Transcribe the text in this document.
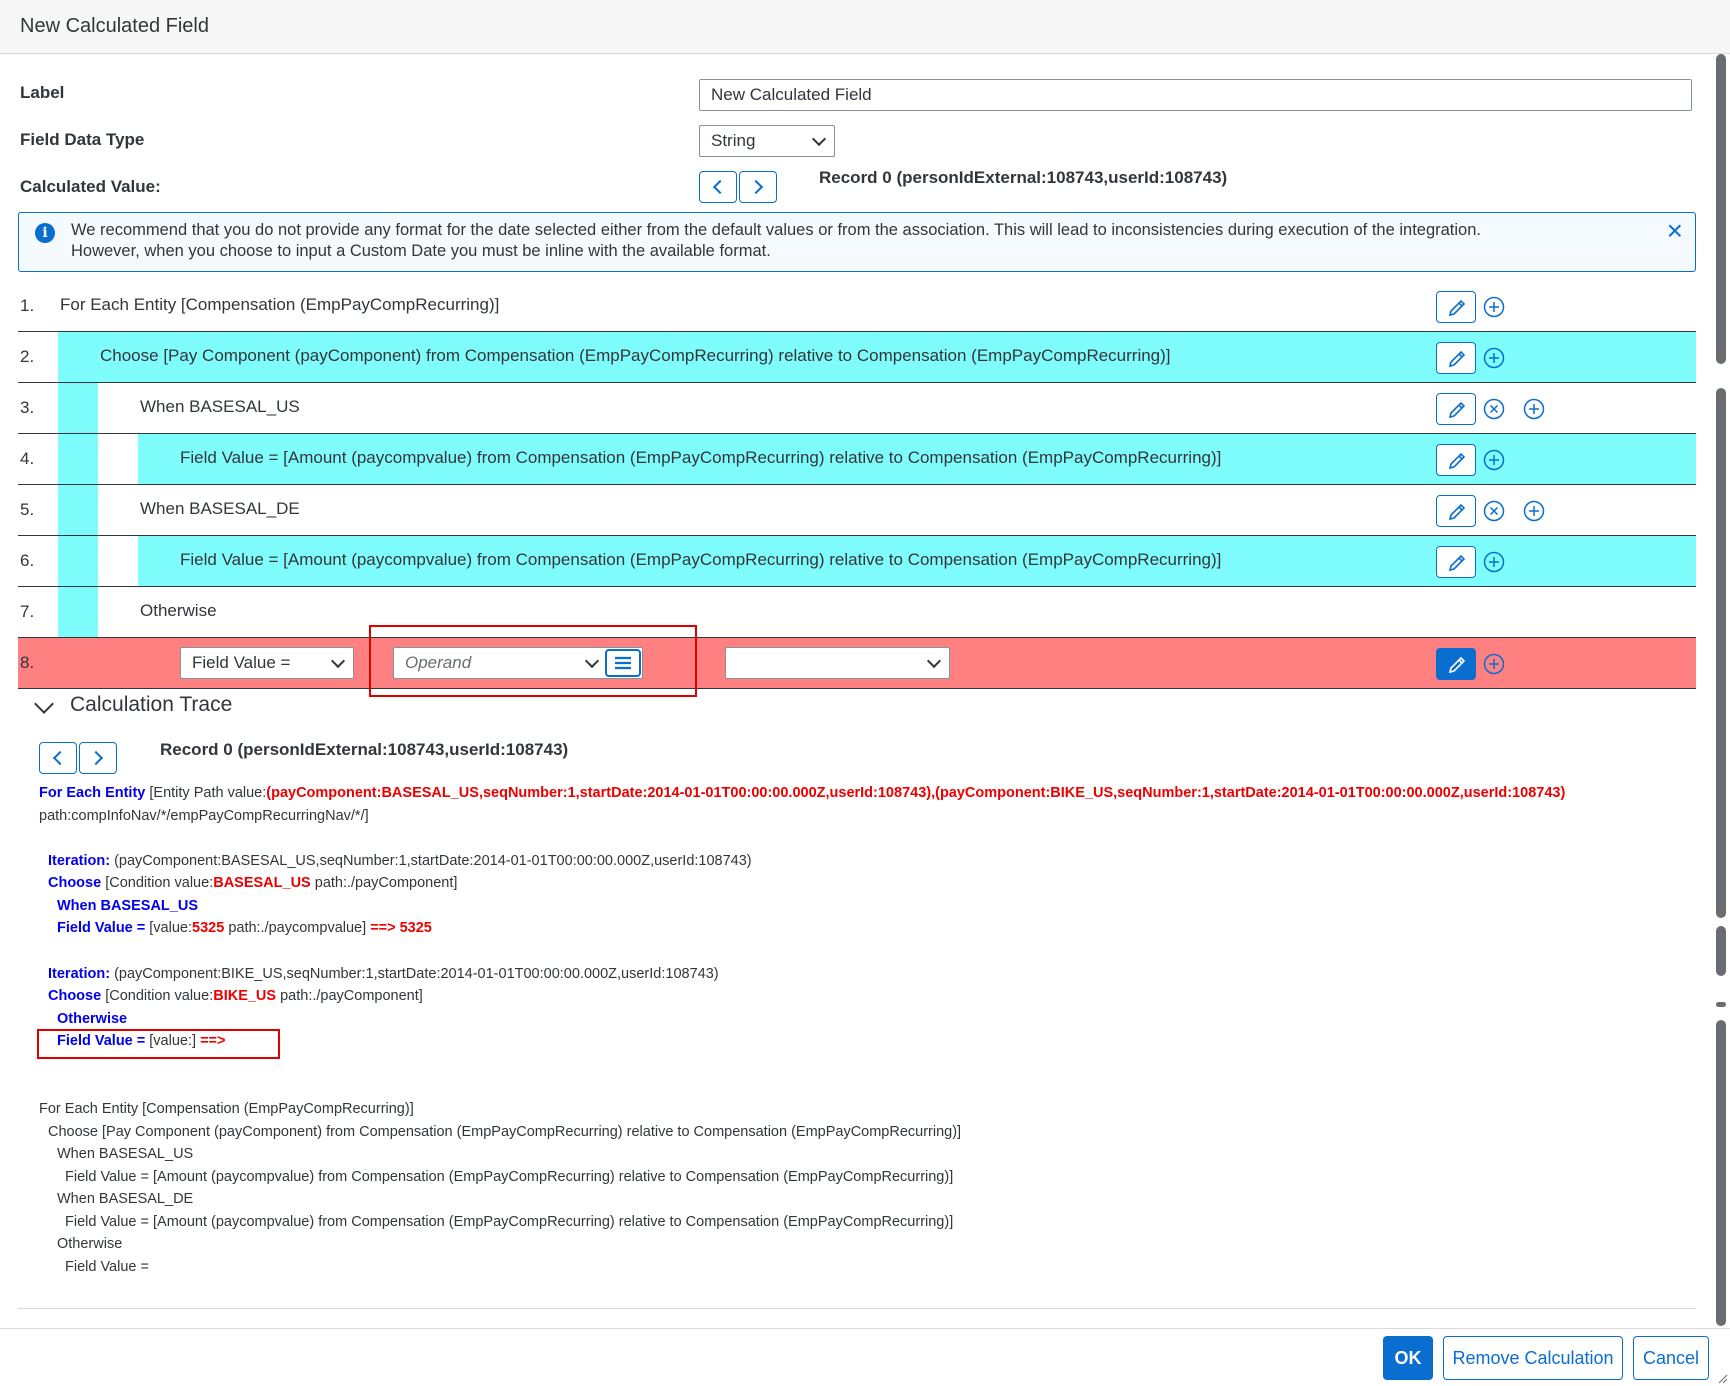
New Calculated Field
Label	New Calculated Field
Field Data Type	String
Calculated Value:	Record 0 (personIdExternal:108743,userId:108743)
i	We recommend that you do not provide any format for the date selected either from the default values or from the association. This will lead to inconsistencies during execution of the integration.
However, when you choose to input a Custom Date you must be inline with the available format.
×
1. For Each Entity [Compensation (EmpPayCompRecurring)]
2.	Choose [Pay Component (payComponent) from Compensation (EmpPayCompRecurring) relative to Compensation (EmpPayCompRecurring)]
3.	When BASESAL_US
4.	Field Value = [Amount (paycompvalue) from Compensation (EmpPayCompRecurring) relative to Compensation (EmpPayCompRecurring)]
5.	When BASESAL_DE
6.	Field Value = [Amount (paycompvalue) from Compensation (EmpPayCompRecurring) relative to Compensation (EmpPayCompRecurring)]
7.	Otherwise
8.	Field Value =	Operand
Calculation Trace
Record 0 (personIdExternal:108743,userId:108743)
For Each Entity [Entity Path value:(payComponent:BASESAL_US,seqNumber:1,startDate:2014-01-01T00:00:00.000Z,userId:108743),(payComponent:BIKE_US,seqNumber:1,startDate:2014-01-01T00:00:00.000Z,userId:108743)
path:compInfoNav/*/empPayCompRecurringNav/*/]
Iteration: (payComponent:BASESAL_US,seqNumber:1,startDate:2014-01-01T00:00:00.000Z,userId:108743)
Choose [Condition value:BASESAL_US path:./payComponent]
When BASESAL_US
Field Value = [value:5325 path:./paycompvalue] ==> 5325
Iteration: (payComponent:BIKE_US,seqNumber:1,startDate:2014-01-01T00:00:00.000Z,userId:108743)
Choose [Condition value:BIKE_US path:./payComponent]
Otherwise
Field Value = [value:] ==>
For Each Entity [Compensation (EmpPayCompRecurring)]
Choose [Pay Component (payComponent) from Compensation (EmpPayCompRecurring) relative to Compensation (EmpPayCompRecurring)]
When BASESAL_US
Field Value = [Amount (paycompvalue) from Compensation (EmpPayCompRecurring) relative to Compensation (EmpPayCompRecurring)]
When BASESAL_DE
Field Value = [Amount (paycompvalue) from Compensation (EmpPayCompRecurring) relative to Compensation (EmpPayCompRecurring)]
Otherwise
Field Value =
OK	Remove Calculation	Cancel
